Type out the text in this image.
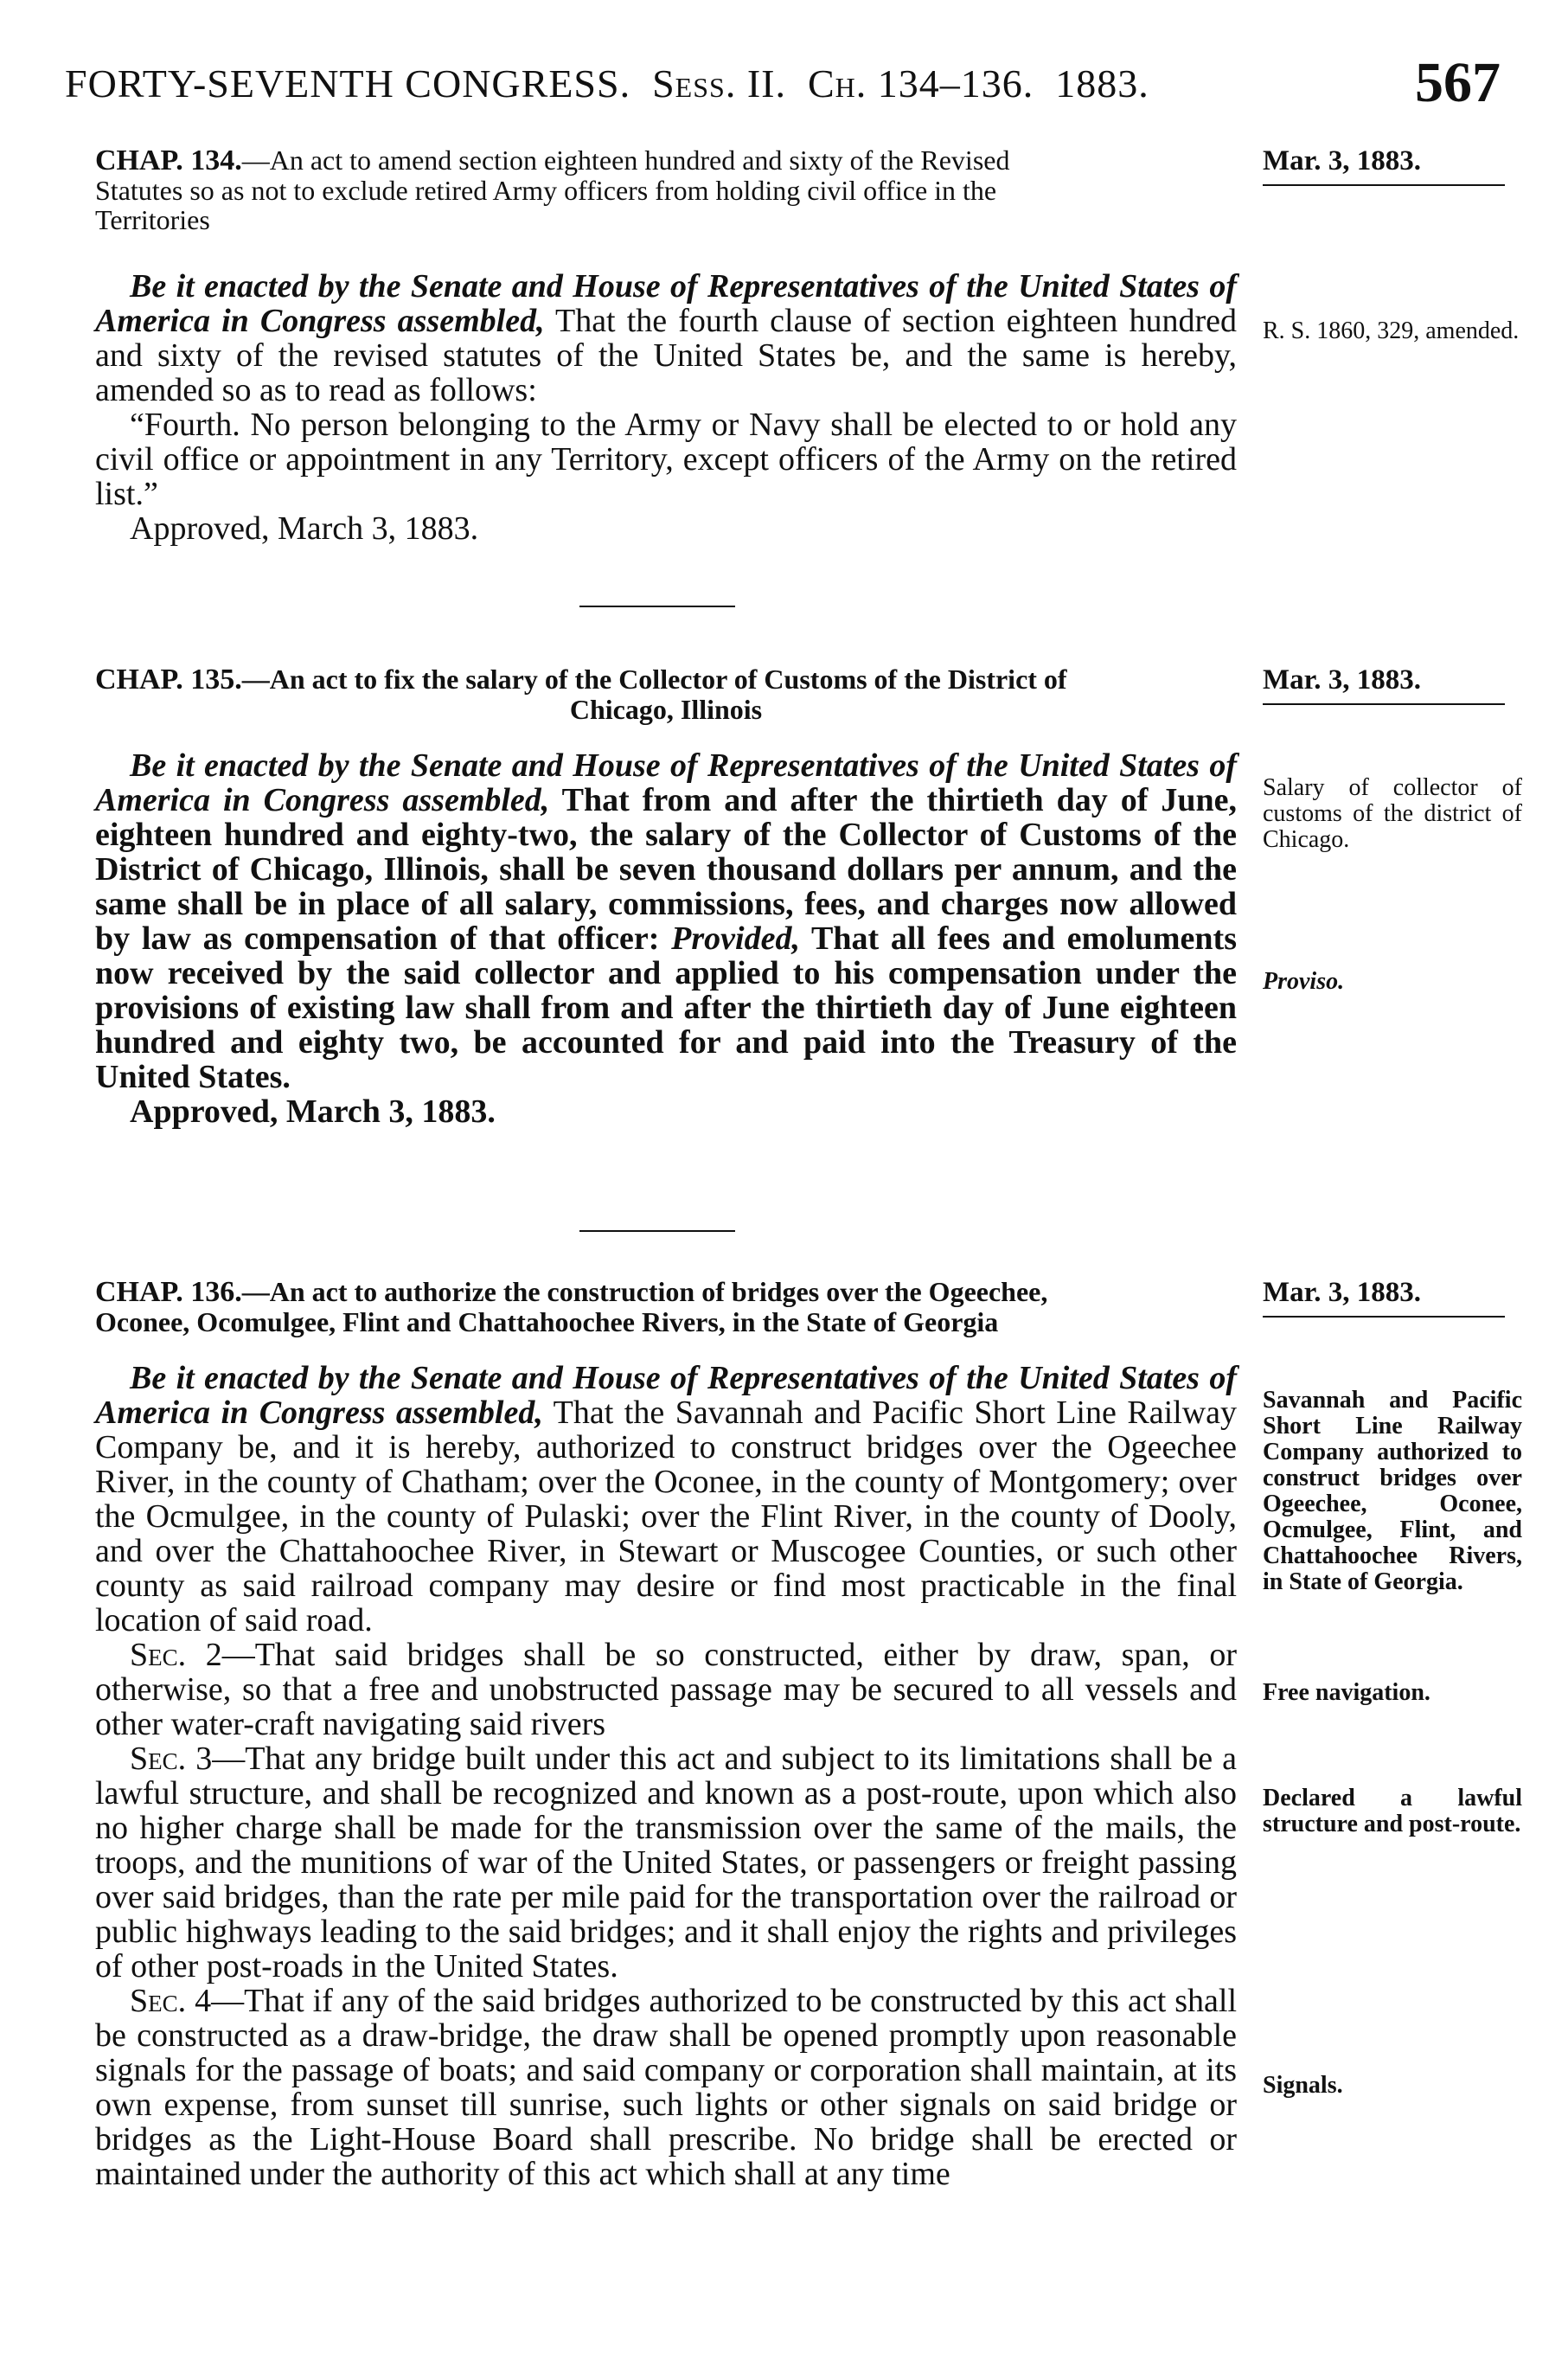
FORTY-SEVENTH CONGRESS. Sess. II. Ch. 134–136. 1883.	567
CHAP. 134.—An act to amend section eighteen hundred and sixty of the Revised
Statutes so as not to exclude retired Army officers from holding civil office in the
Territories

Be it enacted by the Senate and House of Representatives of the United States of America in Congress assembled, That the fourth clause of section eighteen hundred and sixty of the revised statutes of the United States be, and the same is hereby, amended so as to read as follows:

“Fourth. No person belonging to the Army or Navy shall be elected to or hold any civil office or appointment in any Territory, except officers of the Army on the retired list.”

Approved, March 3, 1883.
Mar. 3, 1883.
R. S. 1860, 329, amended.
CHAP. 135.—An act to fix the salary of the Collector of Customs of the District of
Chicago, Illinois

Be it enacted by the Senate and House of Representatives of the United States of America in Congress assembled, That from and after the thirtieth day of June, eighteen hundred and eighty-two, the salary of the Collector of Customs of the District of Chicago, Illinois, shall be seven thousand dollars per annum, and the same shall be in place of all salary, commissions, fees, and charges now allowed by law as compensation of that officer: Provided, That all fees and emoluments now received by the said collector and applied to his compensation under the provisions of existing law shall from and after the thirtieth day of June eighteen hundred and eighty two, be accounted for and paid into the Treasury of the United States.

Approved, March 3, 1883.
Mar. 3, 1883.
Salary of collector of customs of the district of Chicago.
Proviso.
CHAP. 136.—An act to authorize the construction of bridges over the Ogeechee,
Oconee, Ocomulgee, Flint and Chattahoochee Rivers, in the State of Georgia

Be it enacted by the Senate and House of Representatives of the United States of America in Congress assembled, That the Savannah and Pacific Short Line Railway Company be, and it is hereby, authorized to construct bridges over the Ogeechee River, in the county of Chatham; over the Oconee, in the county of Montgomery; over the Ocmulgee, in the county of Pulaski; over the Flint River, in the county of Dooly, and over the Chattahoochee River, in Stewart or Muscogee Counties, or such other county as said railroad company may desire or find most practicable in the final location of said road.

Sec. 2—That said bridges shall be so constructed, either by draw, span, or otherwise, so that a free and unobstructed passage may be secured to all vessels and other water-craft navigating said rivers

Sec. 3—That any bridge built under this act and subject to its limitations shall be a lawful structure, and shall be recognized and known as a post-route, upon which also no higher charge shall be made for the transmission over the same of the mails, the troops, and the munitions of war of the United States, or passengers or freight passing over said bridges, than the rate per mile paid for the transportation over the railroad or public highways leading to the said bridges; and it shall enjoy the rights and privileges of other post-roads in the United States.

Sec. 4—That if any of the said bridges authorized to be constructed by this act shall be constructed as a draw-bridge, the draw shall be opened promptly upon reasonable signals for the passage of boats; and said company or corporation shall maintain, at its own expense, from sunset till sunrise, such lights or other signals on said bridge or bridges as the Light-House Board shall prescribe. No bridge shall be erected or maintained under the authority of this act which shall at any time

Mar. 3, 1883.
Savannah and Pacific Short Line Railway Company authorized to construct bridges over Ogeechee, Oconee, Ocmulgee, Flint, and Chattahoochee Rivers, in State of Georgia.
Free navigation.
Declared a lawful structure and post-route.
Signals.
